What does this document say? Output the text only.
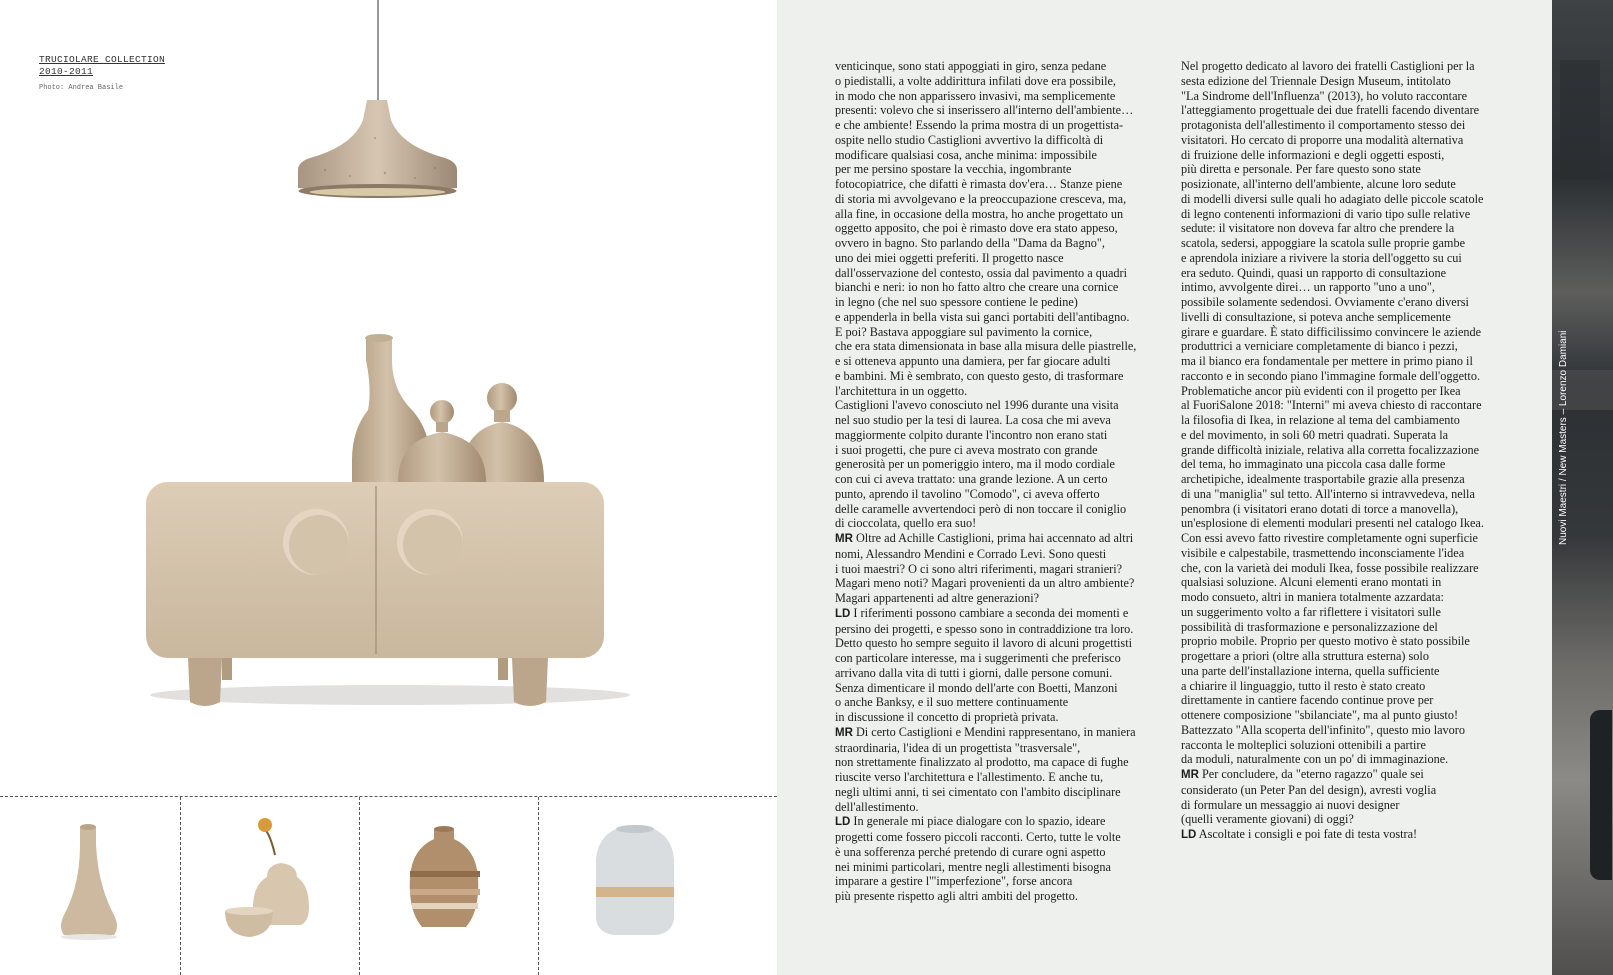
TRUCIOLARE COLLECTION
2010-2011
Photo: Andrea Basile

venticinque, sono stati appoggiati in giro, senza pedane

o piedistalli, a volte addirittura infilati dove era possibile,

in modo che non apparissero invasivi, ma semplicemente

presenti: volevo che si inserissero all'interno dell'ambiente…

e che ambiente! Essendo la prima mostra di un progettista-

ospite nello studio Castiglioni avvertivo la difficoltà di

modificare qualsiasi cosa, anche minima: impossibile

per me persino spostare la vecchia, ingombrante

fotocopiatrice, che difatti è rimasta dov'era… Stanze piene

di storia mi avvolgevano e la preoccupazione cresceva, ma,

alla fine, in occasione della mostra, ho anche progettato un

oggetto apposito, che poi è rimasto dove era stato appeso,

ovvero in bagno. Sto parlando della "Dama da Bagno",

uno dei miei oggetti preferiti. Il progetto nasce

dall'osservazione del contesto, ossia dal pavimento a quadri

bianchi e neri: io non ho fatto altro che creare una cornice

in legno (che nel suo spessore contiene le pedine)

e appenderla in bella vista sui ganci portabiti dell'antibagno.

E poi? Bastava appoggiare sul pavimento la cornice,

che era stata dimensionata in base alla misura delle piastrelle,

e si otteneva appunto una damiera, per far giocare adulti

e bambini. Mi è sembrato, con questo gesto, di trasformare

l'architettura in un oggetto.

Castiglioni l'avevo conosciuto nel 1996 durante una visita

nel suo studio per la tesi di laurea. La cosa che mi aveva

maggiormente colpito durante l'incontro non erano stati

i suoi progetti, che pure ci aveva mostrato con grande

generosità per un pomeriggio intero, ma il modo cordiale

con cui ci aveva trattato: una grande lezione. A un certo

punto, aprendo il tavolino "Comodo", ci aveva offerto

delle caramelle avvertendoci però di non toccare il coniglio

di cioccolata, quello era suo!

MR Oltre ad Achille Castiglioni, prima hai accennato ad altri

nomi, Alessandro Mendini e Corrado Levi. Sono questi

i tuoi maestri? O ci sono altri riferimenti, magari stranieri?

Magari meno noti? Magari provenienti da un altro ambiente?

Magari appartenenti ad altre generazioni?

LD I riferimenti possono cambiare a seconda dei momenti e

persino dei progetti, e spesso sono in contraddizione tra loro.

Detto questo ho sempre seguito il lavoro di alcuni progettisti

con particolare interesse, ma i suggerimenti che preferisco

arrivano dalla vita di tutti i giorni, dalle persone comuni.

Senza dimenticare il mondo dell'arte con Boetti, Manzoni

o anche Banksy, e il suo mettere continuamente

in discussione il concetto di proprietà privata.

MR Di certo Castiglioni e Mendini rappresentano, in maniera

straordinaria, l'idea di un progettista "trasversale",

non strettamente finalizzato al prodotto, ma capace di fughe

riuscite verso l'architettura e l'allestimento. E anche tu,

negli ultimi anni, ti sei cimentato con l'ambito disciplinare

dell'allestimento.

LD In generale mi piace dialogare con lo spazio, ideare

progetti come fossero piccoli racconti. Certo, tutte le volte

è una sofferenza perché pretendo di curare ogni aspetto

nei minimi particolari, mentre negli allestimenti bisogna

imparare a gestire l'"imperfezione", forse ancora

più presente rispetto agli altri ambiti del progetto.

Nel progetto dedicato al lavoro dei fratelli Castiglioni per la

sesta edizione del Triennale Design Museum, intitolato

"La Sindrome dell'Influenza" (2013), ho voluto raccontare

l'atteggiamento progettuale dei due fratelli facendo diventare

protagonista dell'allestimento il comportamento stesso dei

visitatori. Ho cercato di proporre una modalità alternativa

di fruizione delle informazioni e degli oggetti esposti,

più diretta e personale. Per fare questo sono state

posizionate, all'interno dell'ambiente, alcune loro sedute

di modelli diversi sulle quali ho adagiato delle piccole scatole

di legno contenenti informazioni di vario tipo sulle relative

sedute: il visitatore non doveva far altro che prendere la

scatola, sedersi, appoggiare la scatola sulle proprie gambe

e aprendola iniziare a rivivere la storia dell'oggetto su cui

era seduto. Quindi, quasi un rapporto di consultazione

intimo, avvolgente direi… un rapporto "uno a uno",

possibile solamente sedendosi. Ovviamente c'erano diversi

livelli di consultazione, si poteva anche semplicemente

girare e guardare. È stato difficilissimo convincere le aziende

produttrici a verniciare completamente di bianco i pezzi,

ma il bianco era fondamentale per mettere in primo piano il

racconto e in secondo piano l'immagine formale dell'oggetto.

Problematiche ancor più evidenti con il progetto per Ikea

al FuoriSalone 2018: "Interni" mi aveva chiesto di raccontare

la filosofia di Ikea, in relazione al tema del cambiamento

e del movimento, in soli 60 metri quadrati. Superata la

grande difficoltà iniziale, relativa alla corretta focalizzazione

del tema, ho immaginato una piccola casa dalle forme

archetipiche, idealmente trasportabile grazie alla presenza

di una "maniglia" sul tetto. All'interno si intravvedeva, nella

penombra (i visitatori erano dotati di torce a manovella),

un'esplosione di elementi modulari presenti nel catalogo Ikea.

Con essi avevo fatto rivestire completamente ogni superficie

visibile e calpestabile, trasmettendo inconsciamente l'idea

che, con la varietà dei moduli Ikea, fosse possibile realizzare

qualsiasi soluzione. Alcuni elementi erano montati in

modo consueto, altri in maniera totalmente azzardata:

un suggerimento volto a far riflettere i visitatori sulle

possibilità di trasformazione e personalizzazione del

proprio mobile. Proprio per questo motivo è stato possibile

progettare a priori (oltre alla struttura esterna) solo

una parte dell'installazione interna, quella sufficiente

a chiarire il linguaggio, tutto il resto è stato creato

direttamente in cantiere facendo continue prove per

ottenere composizione "sbilanciate", ma al punto giusto!

Battezzato "Alla scoperta dell'infinito", questo mio lavoro

racconta le molteplici soluzioni ottenibili a partire

da moduli, naturalmente con un po' di immaginazione.

MR Per concludere, da "eterno ragazzo" quale sei

considerato (un Peter Pan del design), avresti voglia

di formulare un messaggio ai nuovi designer

(quelli veramente giovani) di oggi?

LD Ascoltate i consigli e poi fate di testa vostra!

Nuovi Maestri / New Masters – Lorenzo Damiani
